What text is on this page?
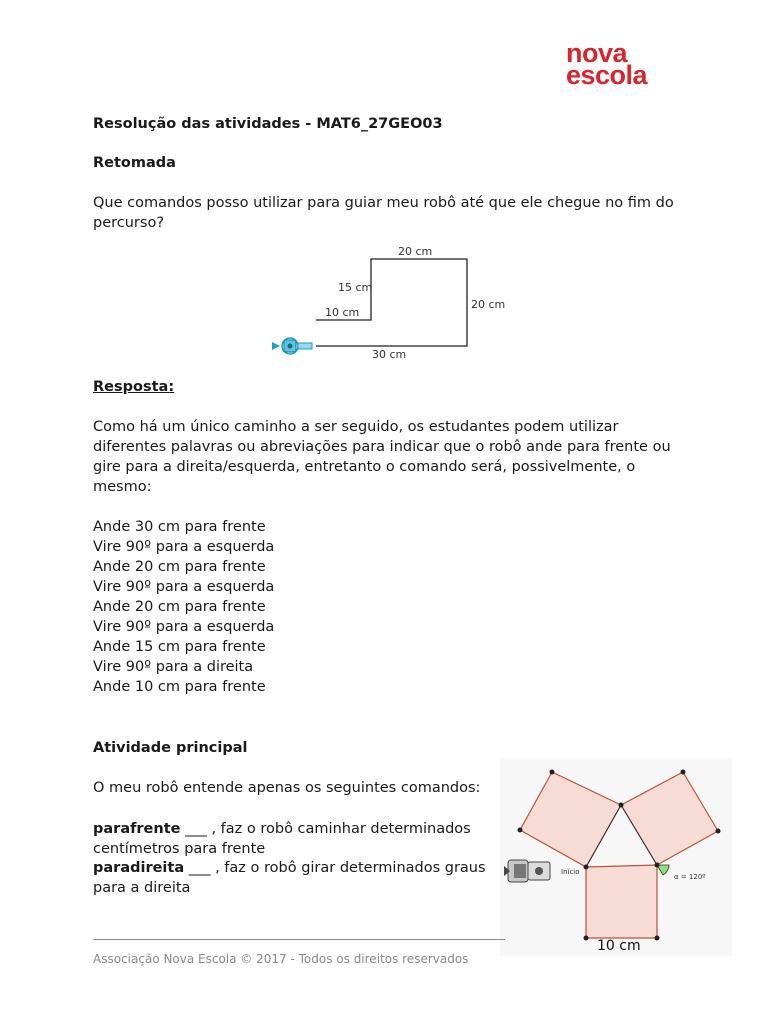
nova
escola
Resolução das atividades - MAT6_27GEO03
Retomada
Que comandos posso utilizar para guiar meu robô até que ele chegue no fim do
percurso?
20 cm
15 cm
10 cm
20 cm
30 cm
Resposta:
Como há um único caminho a ser seguido, os estudantes podem utilizar
diferentes palavras ou abreviações para indicar que o robô ande para frente ou
gire para a direita/esquerda, entretanto o comando será, possivelmente, o
mesmo:
Ande 30 cm para frente
Vire 90º para a esquerda
Ande 20 cm para frente
Vire 90º para a esquerda
Ande 20 cm para frente
Vire 90º para a esquerda
Ande 15 cm para frente
Vire 90º para a direita
Ande 10 cm para frente
Atividade principal
O meu robô entende apenas os seguintes comandos:
parafrente ___ , faz o robô caminhar determinados
centímetros para frente
paradireita ___ , faz o robô girar determinados graus
para a direita
Início
α = 120º
10 cm
Associação Nova Escola © 2017 - Todos os direitos reservados
